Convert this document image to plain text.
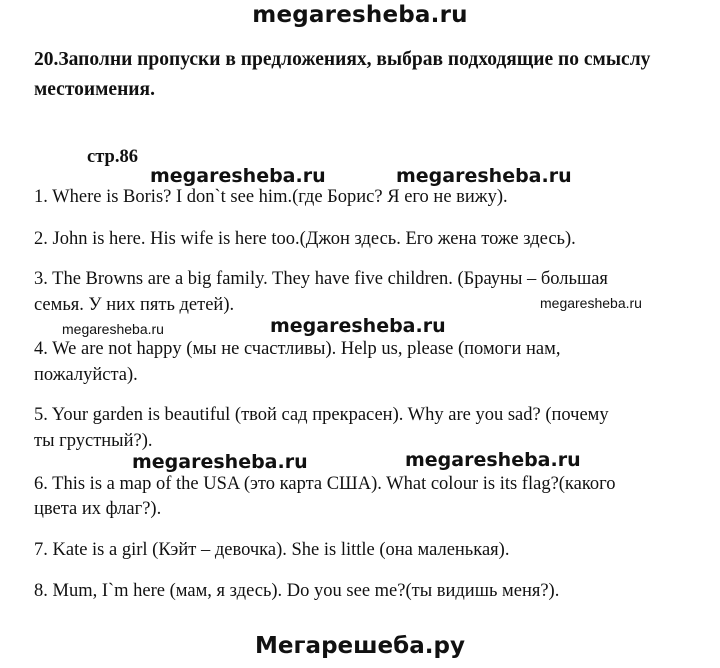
megaresheba.ru
20.Заполни пропуски в предложениях, выбрав подходящие по смыслу
местоимения.
стр.86
megaresheba.ru	megaresheba.ru
1. Where is Boris? I don`t see him.(где Борис? Я его не вижу).
2. John is here. His wife is here too.(Джон здесь. Его жена тоже здесь).
3. The Browns are a big family. They have five children. (Брауны – большая
семья. У них пять детей).	megaresheba.ru
megaresheba.ru	megaresheba.ru
4. We are not happy (мы не счастливы). Help us, please (помоги нам,
пожалуйста).
5. Your garden is beautiful (твой сад прекрасен). Why are you sad? (почему
ты грустный?).
megaresheba.ru	megaresheba.ru
6. This is a map of the USA (это карта США). What colour is its flag?(какого
цвета их флаг?).
7. Kate is a girl (Кэйт – девочка). She is little (она маленькая).
8. Mum, I`m here (мам, я здесь). Do you see me?(ты видишь меня?).
Мегарешеба.ру
